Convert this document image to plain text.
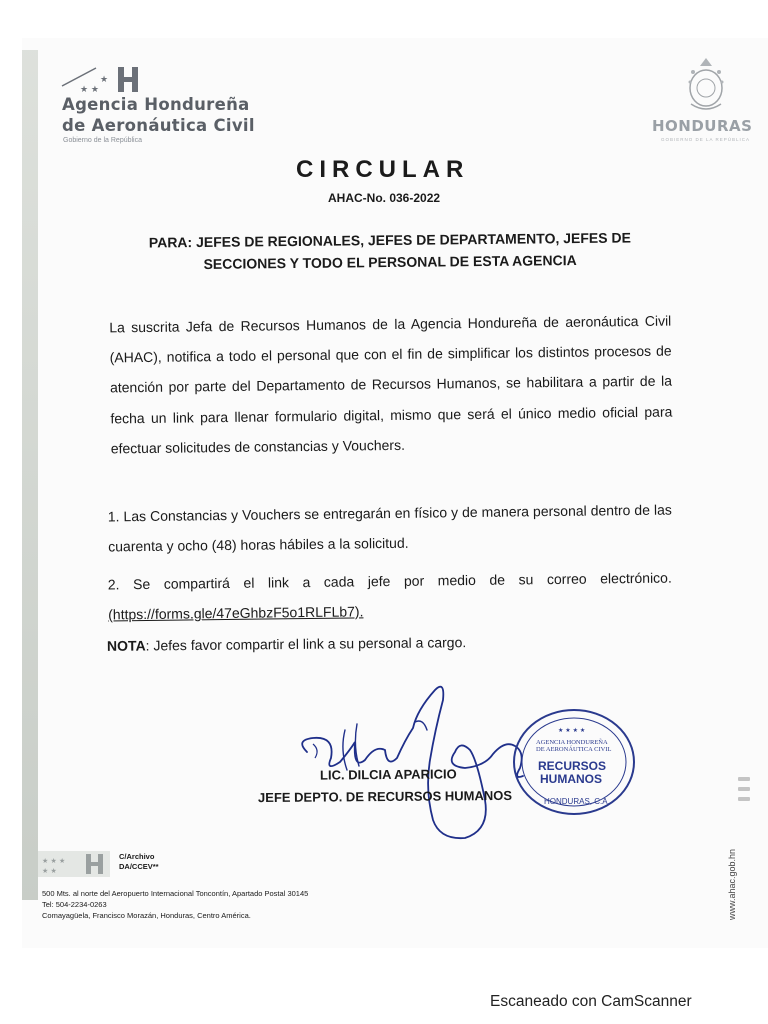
★ ★
★
Agencia Hondureña
de Aeronáutica Civil
Gobierno de la República
HONDURAS
GOBIERNO DE LA REPÚBLICA
CIRCULAR
AHAC-No. 036-2022
PARA: JEFES DE REGIONALES, JEFES DE DEPARTAMENTO, JEFES DE
SECCIONES Y TODO EL PERSONAL DE ESTA AGENCIA
La suscrita Jefa de Recursos Humanos de la Agencia Hondureña de aeronáutica Civil (AHAC), notifica a todo el personal que con el fin de simplificar los distintos procesos de atención por parte del Departamento de Recursos Humanos, se habilitara a partir de la fecha un link para llenar formulario digital, mismo que será el único medio oficial para efectuar solicitudes de constancias y Vouchers.
1. Las Constancias y Vouchers se entregarán en físico y de manera personal dentro de las cuarenta y ocho (48) horas hábiles a la solicitud.
2. Se compartirá el link a cada jefe por medio de su correo electrónico. (https://forms.gle/47eGhbzF5o1RLFLb7).
NOTA: Jefes favor compartir el link a su personal a cargo.
LIC. DILCIA APARICIO
JEFE DEPTO. DE RECURSOS HUMANOS
★ ★ ★ ★
AGENCIA HONDUREÑA
DE AERONÁUTICA CIVIL
RECURSOS
HUMANOS
HONDURAS, C.A.
★ ★ ★
★ ★
C/Archivo
DA/CCEV**
500 Mts. al norte del Aeropuerto Internacional Toncontín, Apartado Postal 30145
Tel: 504-2234-0263
Comayagüela, Francisco Morazán, Honduras, Centro América.	www.ahac.gob.hn
Escaneado con CamScanner
